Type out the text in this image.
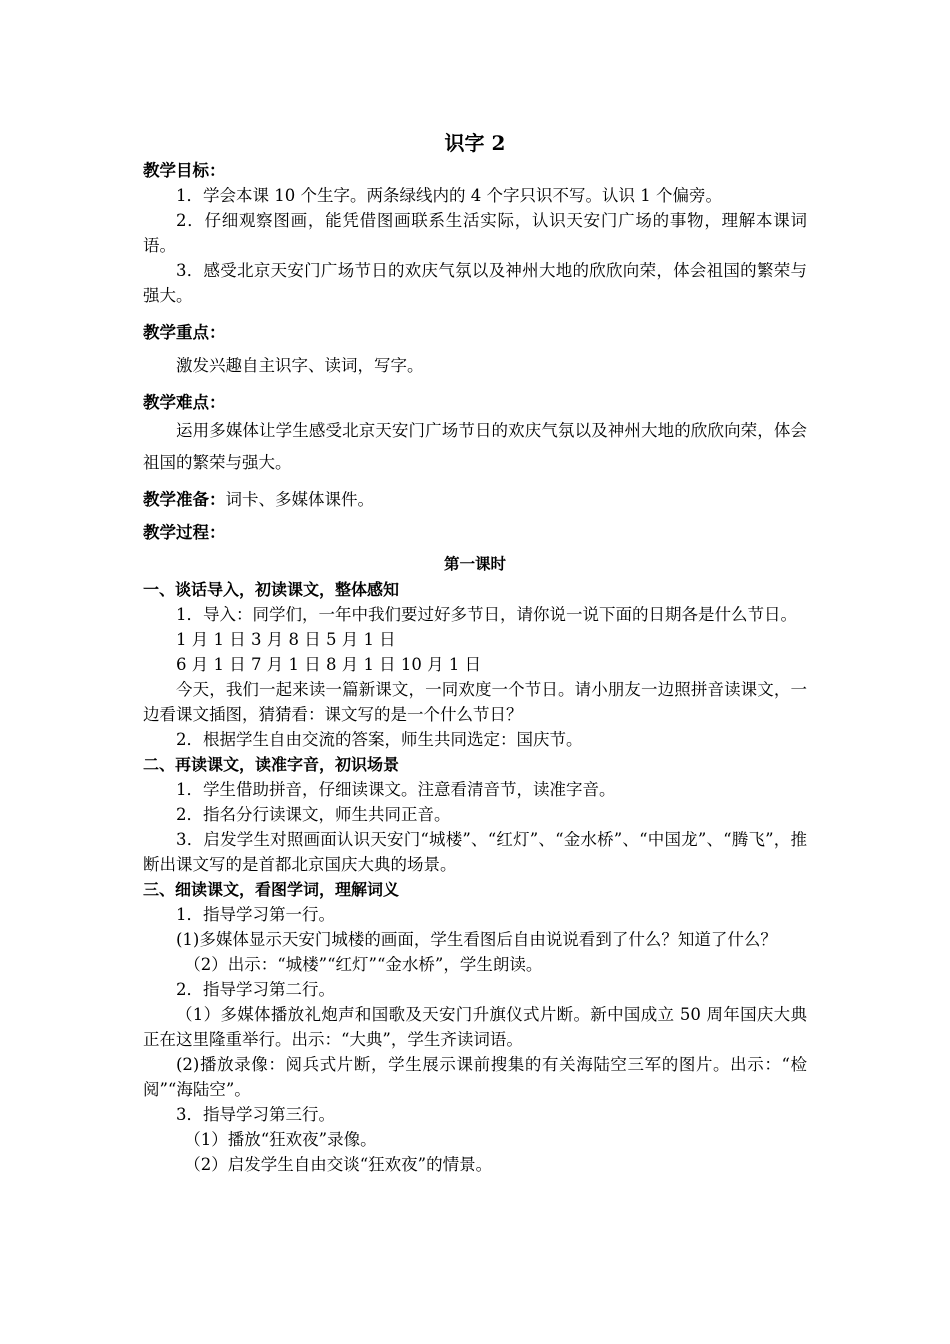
识字 2

教学目标：

1．学会本课 10 个生字。两条绿线内的 4 个字只识不写。认识 1 个偏旁。

2．仔细观察图画，能凭借图画联系生活实际，认识天安门广场的事物，理解本课词语。

3．感受北京天安门广场节日的欢庆气氛以及神州大地的欣欣向荣，体会祖国的繁荣与强大。

教学重点：

激发兴趣自主识字、读词，写字。

教学难点：

运用多媒体让学生感受北京天安门广场节日的欢庆气氛以及神州大地的欣欣向荣，体会祖国的繁荣与强大。

教学准备：词卡、多媒体课件。

教学过程：

第一课时

一、谈话导入，初读课文，整体感知

1．导入：同学们，一年中我们要过好多节日，请你说一说下面的日期各是什么节日。

1 月 1 日 3 月 8 日 5 月 1 日

6 月 1 日 7 月 1 日 8 月 1 日 10 月 1 日

今天，我们一起来读一篇新课文，一同欢度一个节日。请小朋友一边照拼音读课文，一边看课文插图，猜猜看：课文写的是一个什么节日？

2．根据学生自由交流的答案，师生共同选定：国庆节。

二、再读课文，读准字音，初识场景

1．学生借助拼音，仔细读课文。注意看清音节，读准字音。

2．指名分行读课文，师生共同正音。

3．启发学生对照画面认识天安门“城楼”、“红灯”、“金水桥”、“中国龙”、“腾飞”，推断出课文写的是首都北京国庆大典的场景。

三、细读课文，看图学词，理解词义

1．指导学习第一行。

(1)多媒体显示天安门城楼的画面，学生看图后自由说说看到了什么？知道了什么？

（2）出示：“城楼”“红灯”“金水桥”，学生朗读。

2．指导学习第二行。

（1）多媒体播放礼炮声和国歌及天安门升旗仪式片断。新中国成立 50 周年国庆大典正在这里隆重举行。出示：“大典”，学生齐读词语。

(2)播放录像：阅兵式片断，学生展示课前搜集的有关海陆空三军的图片。出示：“检阅”“海陆空”。

3．指导学习第三行。

（1）播放“狂欢夜”录像。

（2）启发学生自由交谈“狂欢夜”的情景。
